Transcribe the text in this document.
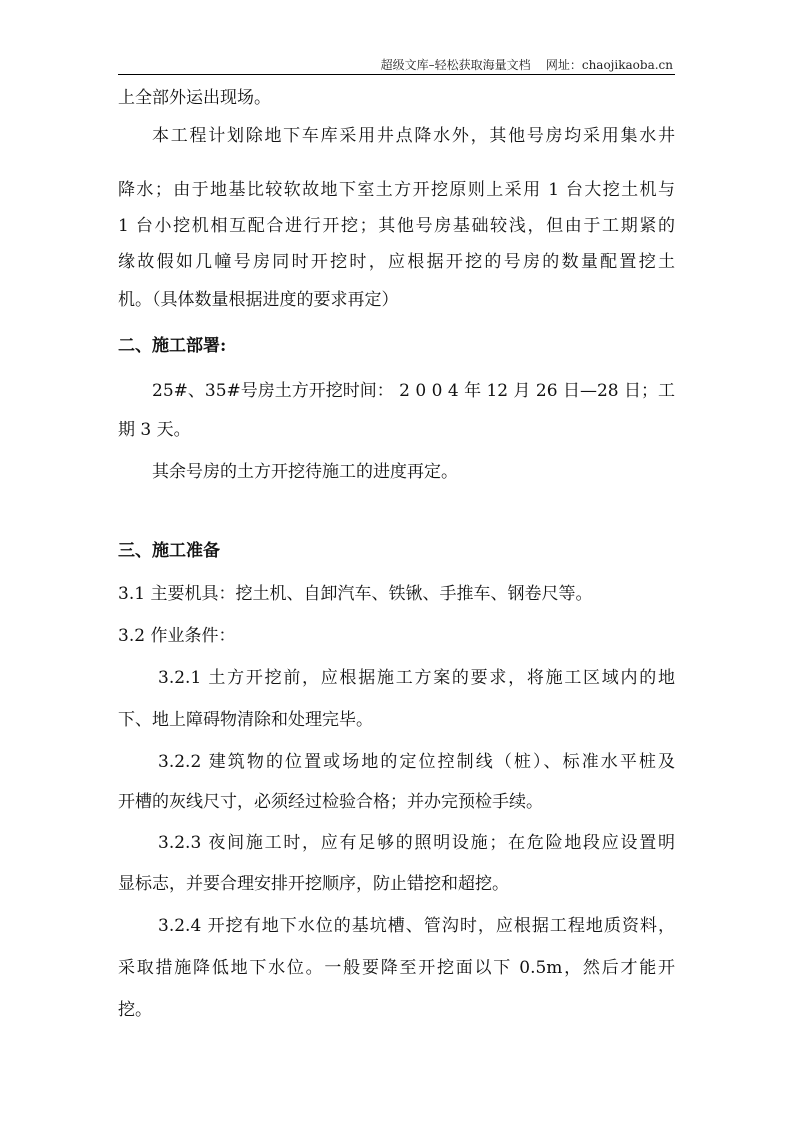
超级文库–轻松获取海量文档    网址：chaojikaoba.cn
上全部外运出现场。
本工程计划除地下车库采用井点降水外，其他号房均采用集水井
降水；由于地基比较软故地下室土方开挖原则上采用 1 台大挖土机与
1 台小挖机相互配合进行开挖；其他号房基础较浅，但由于工期紧的
缘故假如几幢号房同时开挖时，应根据开挖的号房的数量配置挖土
机。（具体数量根据进度的要求再定）
二、施工部署:
25#、35#号房土方开挖时间： 2 0 0 4 年 12 月 26 日—28 日；工
期 3 天。
其余号房的土方开挖待施工的进度再定。
三、施工准备
3.1 主要机具：挖土机、自卸汽车、铁锹、手推车、钢卷尺等。
3.2 作业条件：
3.2.1 土方开挖前，应根据施工方案的要求，将施工区域内的地
下、地上障碍物清除和处理完毕。
3.2.2 建筑物的位置或场地的定位控制线（桩）、标准水平桩及
开槽的灰线尺寸，必须经过检验合格；并办完预检手续。
3.2.3 夜间施工时，应有足够的照明设施；在危险地段应设置明
显标志，并要合理安排开挖顺序，防止错挖和超挖。
3.2.4 开挖有地下水位的基坑槽、管沟时，应根据工程地质资料，
采取措施降低地下水位。一般要降至开挖面以下 0.5m，然后才能开
挖。
